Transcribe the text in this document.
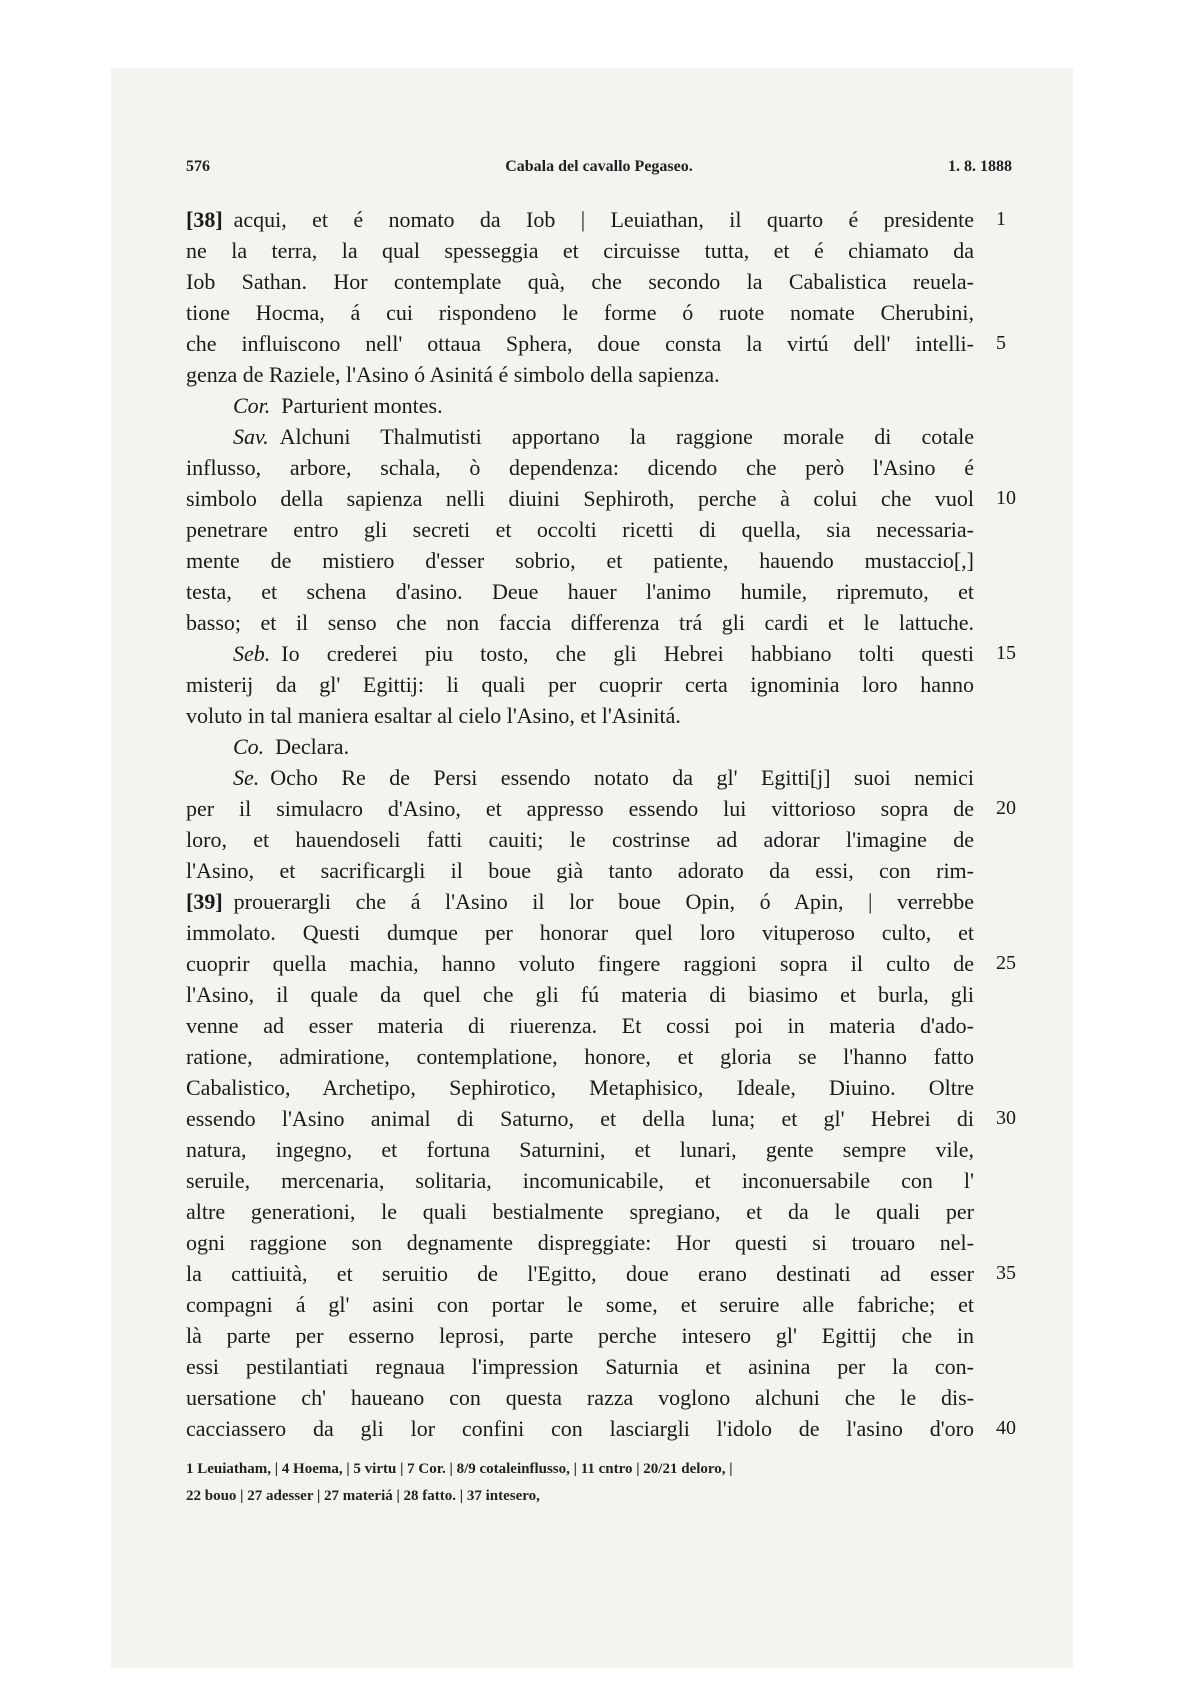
576	Cabala del cavallo Pegaseo.	1. 8. 1888
[38]  acqui, et é nomato da Iob | Leuiathan, il quarto é presidente 1
ne la terra, la qual spesseggia et circuisse tutta, et é chiamato da
Iob Sathan. Hor contemplate quà, che secondo la Cabalistica reuela-
tione Hocma, á cui rispondeno le forme ó ruote nomate Cherubini,
che influiscono nell' ottaua Sphera, doue consta la virtú dell' intelli- 5
genza de Raziele, l'Asino ó Asinitá é simbolo della sapienza.
Cor.  Parturient montes.
Sav.  Alchuni Thalmutisti apportano la raggione morale di cotale
influsso, arbore, schala, ò dependenza: dicendo che però l'Asino é
simbolo della sapienza nelli diuini Sephiroth, perche à colui che vuol 10
penetrare entro gli secreti et occolti ricetti di quella, sia necessaria-
mente de mistiero d'esser sobrio, et patiente, hauendo mustaccio[,]
testa, et schena d'asino. Deue hauer l'animo humile, ripremuto, et
basso; et il senso che non faccia differenza trá gli cardi et le lattuche.
Seb.  Io crederei piu tosto, che gli Hebrei habbiano tolti questi 15
misterij da gl' Egittij: li quali per cuoprir certa ignominia loro hanno
voluto in tal maniera esaltar al cielo l'Asino, et l'Asinitá.
Co.  Declara.
Se.  Ocho Re de Persi essendo notato da gl' Egitti[j] suoi nemici
per il simulacro d'Asino, et appresso essendo lui vittorioso sopra de 20
loro, et hauendoseli fatti cauiti; le costrinse ad adorar l'imagine de
l'Asino, et sacrificargli il boue già tanto adorato da essi, con rim-
[39]  prouerargli che á l'Asino il lor boue Opin, ó Apin, | verrebbe
immolato. Questi dumque per honorar quel loro vituperoso culto, et
cuoprir quella machia, hanno voluto fingere raggioni sopra il culto de 25
l'Asino, il quale da quel che gli fú materia di biasimo et burla, gli
venne ad esser materia di riuerenza. Et cossi poi in materia d'ado-
ratione, admiratione, contemplatione, honore, et gloria se l'hanno fatto
Cabalistico, Archetipo, Sephirotico, Metaphisico, Ideale, Diuino. Oltre
essendo l'Asino animal di Saturno, et della luna; et gl' Hebrei di 30
natura, ingegno, et fortuna Saturnini, et lunari, gente sempre vile,
seruile, mercenaria, solitaria, incomunicabile, et inconuersabile con l'
altre generationi, le quali bestialmente spregiano, et da le quali per
ogni raggione son degnamente dispreggiate: Hor questi si trouaro nel-
la cattiuità, et seruitio de l'Egitto, doue erano destinati ad esser 35
compagni á gl' asini con portar le some, et seruire alle fabriche; et
là parte per esserno leprosi, parte perche intesero gl' Egittij che in
essi pestilantiati regnaua l'impression Saturnia et asinina per la con-
uersatione ch' haueano con questa razza voglono alchuni che le dis-
cacciassero da gli lor confini con lasciargli l'idolo de l'asino d'oro 40
1 Leuiatham, | 4 Hoema, | 5 virtu | 7 Cor. | 8/9 cotaleinflusso, | 11 cntro | 20/21 deloro, |
22 bouo | 27 adesser | 27 materiá | 28 fatto. | 37 intesero,
